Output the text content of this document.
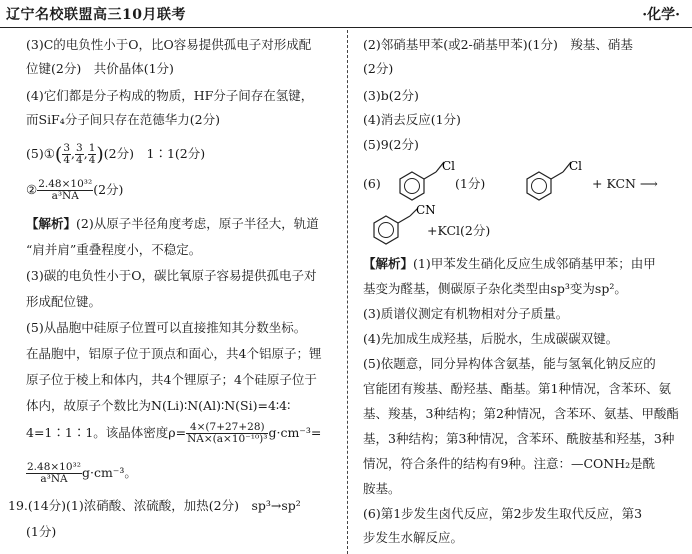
辽宁名校联盟高三10月联考	·化学·
(3)C的电负性小于O，比O容易提供孤电子对形成配
位键(2分)　共价晶体(1分)
(4)它们都是分子构成的物质，HF分子间存在氢键，
而SiF₄分子间只存在范德华力(2分)
(5)①( $\frac{3}{4}$ , $\frac{3}{4}$ , $\frac{1}{4} )(2$分)　1∶1(2分)
② $\frac{\text{2.48×10³²}}{\text{a³NA}} (2$分)
【解析】(2)从原子半径角度考虑，原子半径大，轨道
“肩并肩”重叠程度小，不稳定。
(3)碳的电负性小于O，碳比氧原子容易提供孤电子对
形成配位键。
(5)从晶胞中硅原子位置可以直接推知其分数坐标。
在晶胞中，铝原子位于顶点和面心，共4个铝原子；锂
原子位于棱上和体内，共4个锂原子；4个硅原子位于
体内，故原子个数比为N(Li)∶N(Al)∶N(Si)=4∶4∶
4=1∶1∶1。该晶体密度$\rho= \frac{4\times(7+27+28)}{\text{NA×(a×10⁻¹⁰)³}} g\cdot cm^{-3}=$
$\frac{\text{2.48×10³²}}{\text{a³NA}} g\cdot cm^{-3}$。
19.(14分)(1)浓硝酸、浓硫酸，加热(2分)　sp³→sp²
(1分)
(2)邻硝基甲苯(或2-硝基甲苯)(1分)　羧基、硝基
(2分)
(3)b(2分)
(4)消去反应(1分)
(5)9(2分)
(6)
Cl	Cl
(1分)	+ KCN ⟶
CN
+KCl(2分)
【解析】(1)甲苯发生硝化反应生成邻硝基甲苯；由甲
基变为醛基，侧碳原子杂化类型由sp³变为sp²。
(3)质谱仪测定有机物相对分子质量。
(4)先加成生成羟基，后脱水，生成碳碳双键。
(5)依题意，同分异构体含氨基，能与氢氧化钠反应的
官能团有羧基、酚羟基、酯基。第1种情况，含苯环、氨
基、羧基，3种结构；第2种情况，含苯环、氨基、甲酸酯
基，3种结构；第3种情况，含苯环、酰胺基和羟基，3种
情况，符合条件的结构有9种。注意：—CONH₂是酰
胺基。
(6)第1步发生卤代反应，第2步发生取代反应，第3
步发生水解反应。
